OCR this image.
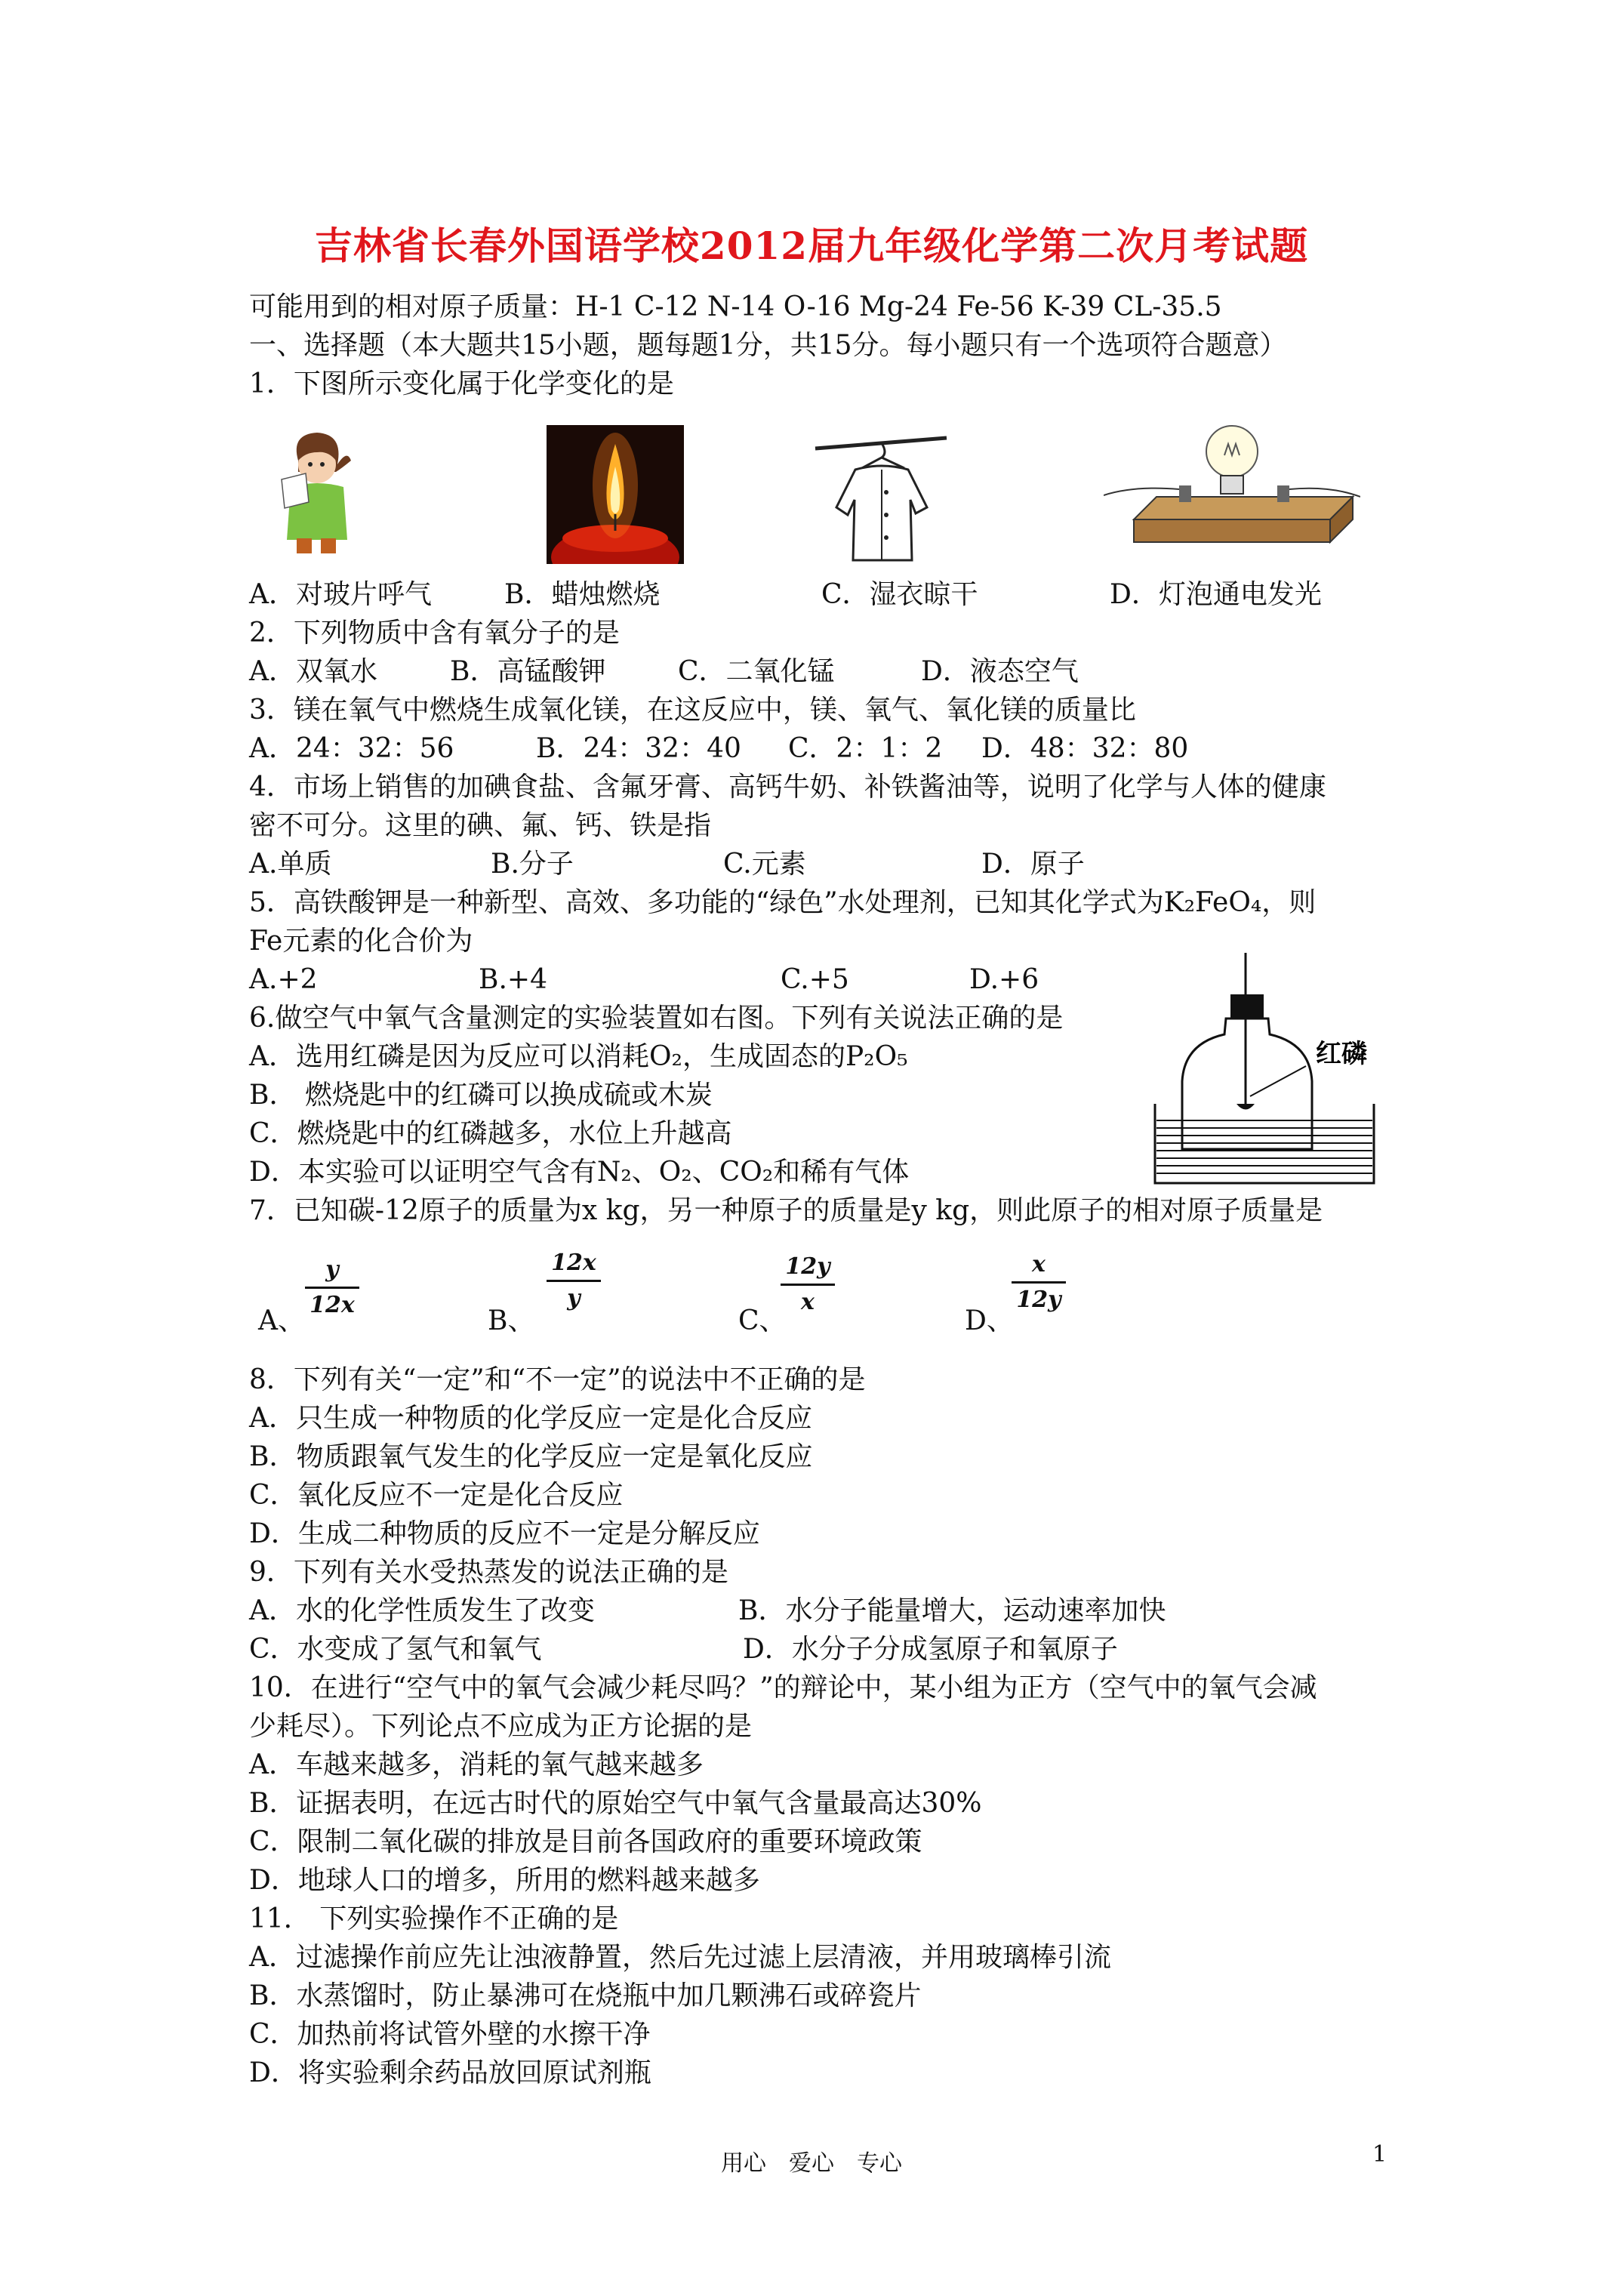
吉林省长春外国语学校2012届九年级化学第二次月考试题
可能用到的相对原子质量：H-1 C-12 N-14 O-16 Mg-24 Fe-56 K-39 CL-35.5
一、选择题（本大题共15小题，题每题1分，共15分。每小题只有一个选项符合题意）
1．下图所示变化属于化学变化的是
A．对玻片呼气	B．蜡烛燃烧	C．湿衣晾干	D．灯泡通电发光
2．下列物质中含有氧分子的是
A．双氧水	B．高锰酸钾	C．二氧化锰	D．液态空气
3．镁在氧气中燃烧生成氧化镁，在这反应中，镁、氧气、氧化镁的质量比
A．24：32：56	B．24：32：40 C．2：1：2 D．48：32：80
4．市场上销售的加碘食盐、含氟牙膏、高钙牛奶、补铁酱油等，说明了化学与人体的健康
密不可分。这里的碘、氟、钙、铁是指
A.单质	B.分子	C.元素	D．原子
5．高铁酸钾是一种新型、高效、多功能的“绿色”水处理剂，已知其化学式为K₂FeO₄，则
Fe元素的化合价为
A.+2	B.+4	C.+5	D.+6
红磷
6.做空气中氧气含量测定的实验装置如右图。下列有关说法正确的是
A．选用红磷是因为反应可以消耗O₂，生成固态的P₂O₅
B． 燃烧匙中的红磷可以换成硫或木炭
C．燃烧匙中的红磷越多，水位上升越高
D．本实验可以证明空气含有N₂、O₂、CO₂和稀有气体
7．已知碳-12原子的质量为x kg，另一种原子的质量是y kg，则此原子的相对原子质量是
A、
y
12x
B、
12x
y
C、
12y
x
D、
x
12y
8．下列有关“一定”和“不一定”的说法中不正确的是
A．只生成一种物质的化学反应一定是化合反应
B．物质跟氧气发生的化学反应一定是氧化反应
C．氧化反应不一定是化合反应
D．生成二种物质的反应不一定是分解反应
9．下列有关水受热蒸发的说法正确的是
A．水的化学性质发生了改变	B．水分子能量增大，运动速率加快
C．水变成了氢气和氧气	D．水分子分成氢原子和氧原子
10．在进行“空气中的氧气会减少耗尽吗？”的辩论中，某小组为正方（空气中的氧气会减
少耗尽）。下列论点不应成为正方论据的是
A．车越来越多，消耗的氧气越来越多
B．证据表明，在远古时代的原始空气中氧气含量最高达30%
C．限制二氧化碳的排放是目前各国政府的重要环境政策
D．地球人口的增多，所用的燃料越来越多
11． 下列实验操作不正确的是
A．过滤操作前应先让浊液静置，然后先过滤上层清液，并用玻璃棒引流
B．水蒸馏时，防止暴沸可在烧瓶中加几颗沸石或碎瓷片
C．加热前将试管外壁的水擦干净
D．将实验剩余药品放回原试剂瓶
用心　爱心　专心	1
